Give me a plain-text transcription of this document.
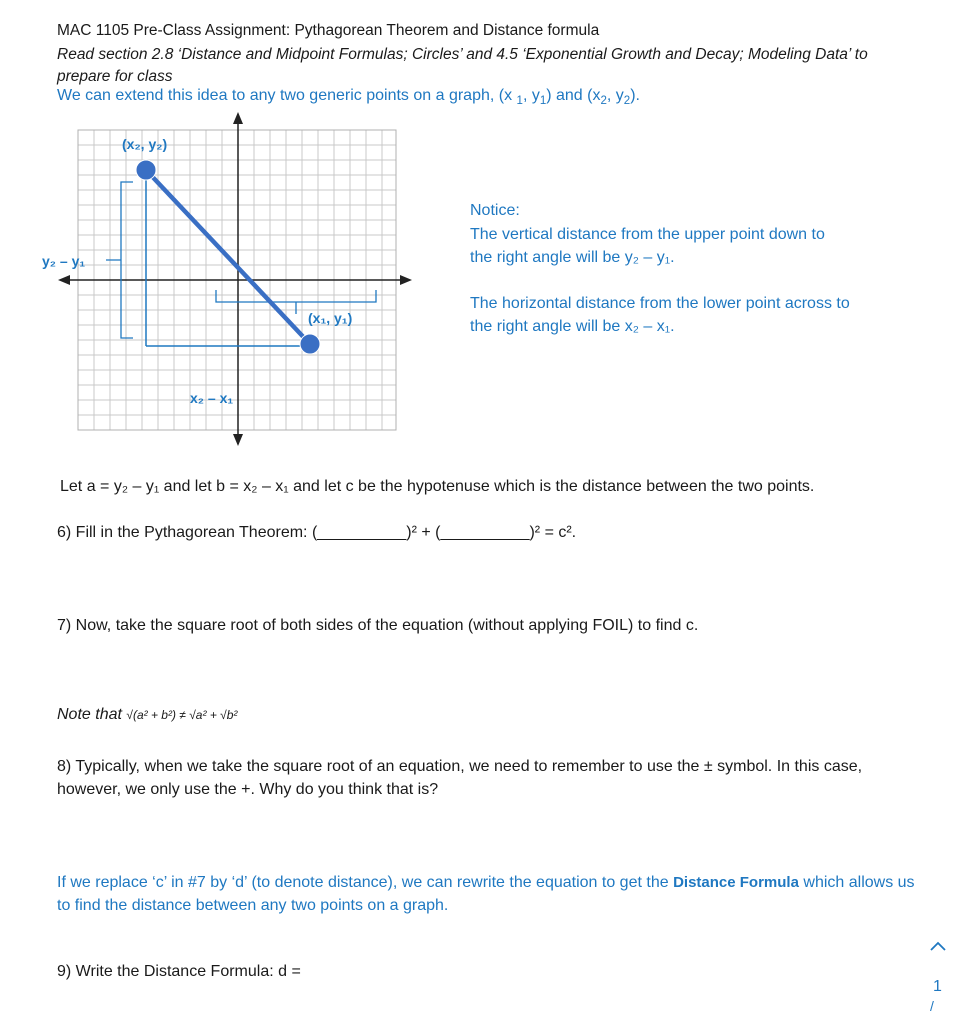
MAC 1105 Pre-Class Assignment: Pythagorean Theorem and Distance formula
Read section 2.8 ‘Distance and Midpoint Formulas; Circles’ and 4.5 ‘Exponential Growth and Decay; Modeling Data’ to prepare for class
We can extend this idea to any two generic points on a graph, (x $_1$, $y_1$) and ($x_2$, $y_2$).
(x₂, y₂)
(x₁, y₁)
y₂ – y₁
x₂ – x₁

Notice:

The vertical distance from the upper point down to the right angle will be y₂ – y₁.

The horizontal distance from the lower point across to the right angle will be x₂ – x₁.

Let a = y₂ – y₁ and let b = x₂ – x₁ and let c be the hypotenuse which is the distance between the two points.
6) Fill in the Pythagorean Theorem: (__________)² + (__________)² = c².
7) Now, take the square root of both sides of the equation (without applying FOIL) to find c.
Note that √(a² + b²) ≠ √a² + √b²
8) Typically, when we take the square root of an equation, we need to remember to use the ± symbol. In this case, however, we only use the +. Why do you think that is?
If we replace ‘c’ in #7 by ‘d’ (to denote distance), we can rewrite the equation to get the Distance Formula which allows us to find the distance between any two points on a graph.
9) Write the Distance Formula: d =
1
/
